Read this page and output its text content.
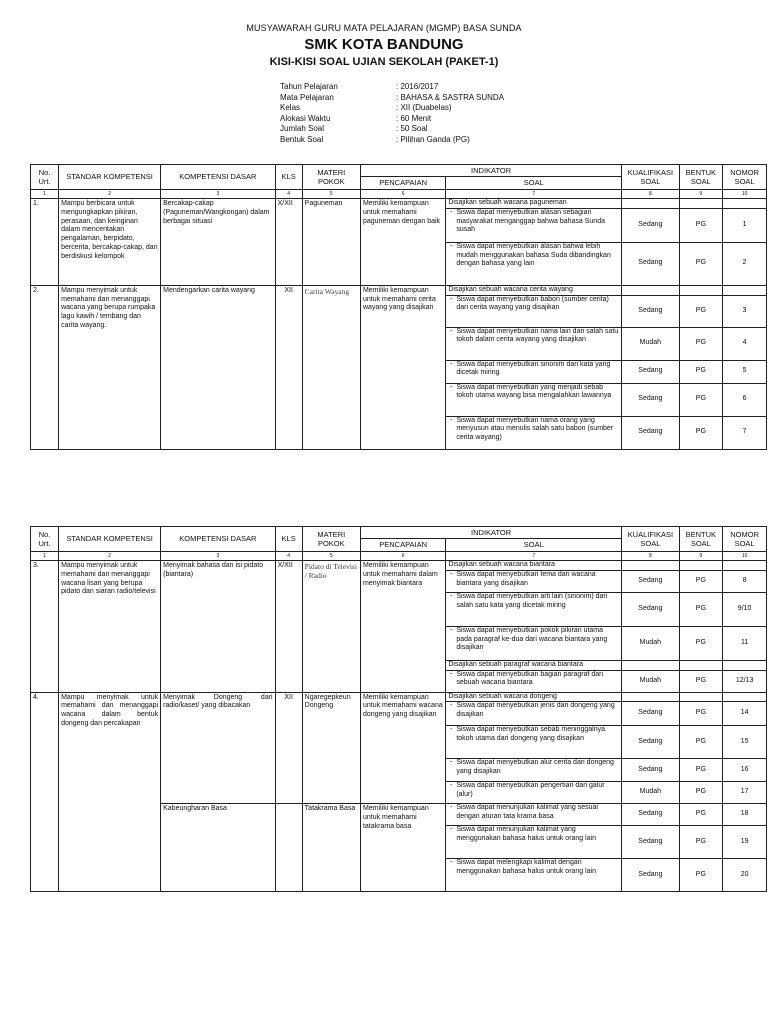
MUSYAWARAH GURU MATA PELAJARAN (MGMP) BASA SUNDA
SMK KOTA BANDUNG
KISI-KISI SOAL UJIAN SEKOLAH (PAKET-1)
Tahun Pelajaran	: 2016/2017
Mata Pelajaran	: BAHASA & SASTRA SUNDA
Kelas	: XII (Duabelas)
Alokasi Waktu	: 60 Menit
Jumlah Soal	: 50 Soal
Bentuk Soal	: Pilihan Ganda (PG)
No. Urt.	STANDAR KOMPETENSI	KOMPETENSI DASAR	KLS	MATERI POKOK	INDIKATOR		KUALIFIKASI SOAL	BENTUK SOAL	NOMOR SOAL
					PENCAPAIAN	SOAL			
1	2	3	4	5	6	7	8	9	10
1.	Mampu berbicara untuk mengungkapkan pikiran, perasaan, dan keinginan dalam menceritakan pengalaman, berpidato, bercerita, bercakap-cakap, dan berdiskusi kelompok	Bercakap-cakap (Paguneman/Wangkongan) dalam berbagai situasi	X/XII	Paguneman	Memiliki kemampuan untuk memahami paguneman dengan baik	Disajikan sebuah wacana paguneman			

						- Siswa dapat menyebutkan alasan sebagian masyarakat menganggap bahwa bahasa Sunda susah	Sedang	PG	1

						- Siswa dapat menyebutkan alasan bahwa lebih mudah menggunakan bahasa Suda dibandingkan dengan bahasa yang lain	Sedang	PG	2
2.	Mampu menyimak untuk memahami dan menanggapi wacana yang berupa rumpaka lagu kawih / tembang dan carita wayang.	Mendengarkan carita wayang	XII	Carita Wayang	Memiliki kemampuan untuk memahami cerita wayang yang disajikan	Disajikan sebuah wacana cerita wayang			

						- Siswa dapat menyebutkan babon (sumber cerita) dari cerita wayang yang disajikan	Sedang	PG	3

						- Siswa dapat menyebutkan nama lain dari salah satu tokoh dalam cerita wayang yang disajikan	Mudah	PG	4

						- Siswa dapat menyebutkan sinonim dari kata yang dicetak miring	Sedang	PG	5

						- Siswa dapat menyebutkan yang menjadi sebab tokoh utama wayang bisa mengalahkan lawannya	Sedang	PG	6

						- Siswa dapat menyebutkan nama orang yang menyusun atau menulis salah satu babon (sumber cerita wayang)	Sedang	PG	7
No. Urt.	STANDAR KOMPETENSI	KOMPETENSI DASAR	KLS	MATERI POKOK	INDIKATOR		KUALIFIKASI SOAL	BENTUK SOAL	NOMOR SOAL
					PENCAPAIAN	SOAL			
1	2	3	4	5	6	7	8	9	10
3.	Mampu menyimak untuk memahami dan menanggapi wacana lisan yang berupa pidato dan siaran radio/televisi	Menyimak bahasa dan isi pidato (biantara)	X/XII	Pidato di Televisi / Radio	Memiliki kemampuan untuk memahami dalam menyimak biantara	Disajikan sebuah wacana biantara			

						- Siswa dapat menyebutkan tema dari wacana biantara yang disajikan	Sedang	PG	8

						- Siswa dapat menyebutkan arti lain (sinonim) dari salah satu kata yang dicetak miring	Sedang	PG	9/10

						- Siswa dapat menyebutkan pokok pikiran utama pada paragraf ke-dua dari wacana biantara yang disajikan	Mudah	PG	11

						Disajikan sebuah paragraf wacana biantara			

						- Siswa dapat menyebutkan bagian paragraf dari sebuah wacana biantara	Mudah	PG	12/13
4.	Mampu menyimak untuk memahami dan menanggapi wacana dalam bentuk dongeng dan percakapan	Menyimak Dongeng dari radio/kaset/ yang dibacakan	XII	Ngaregepkeun Dongeng	Memiliki kemampuan untuk memahami wacana dongeng yang disajikan	Disajikan sebuah wacana dongeng			

						- Siswa dapat menyebutkan jenis dari dongeng yang disajikan	Sedang	PG	14

						- Siswa dapat menyebutkan sebab meninggalnya tokoh utama dari dongeng yang disajikan	Sedang	PG	15

						- Siswa dapat menyebutkan alur cerita dari dongeng yang disajikan	Sedang	PG	16

						- Siswa dapat menyebutkan pengertian dari galur (alur)	Mudah	PG	17
		Kabeungharan Basa		Tatakrama Basa	Memiliki kemampuan untuk memahami tatakrama basa	- Siswa dapat menunjukan kalimat yang sesuai dengan aturan tata krama basa	Sedang	PG	18

						- Siswa dapat menunjukan kalimat yang menggunakan bahasa halus untuk orang lain	Sedang	PG	19

						- Siswa dapat melengkapi kalimat dengan menggunakan bahasa halus untuk orang lain	Sedang	PG	20
